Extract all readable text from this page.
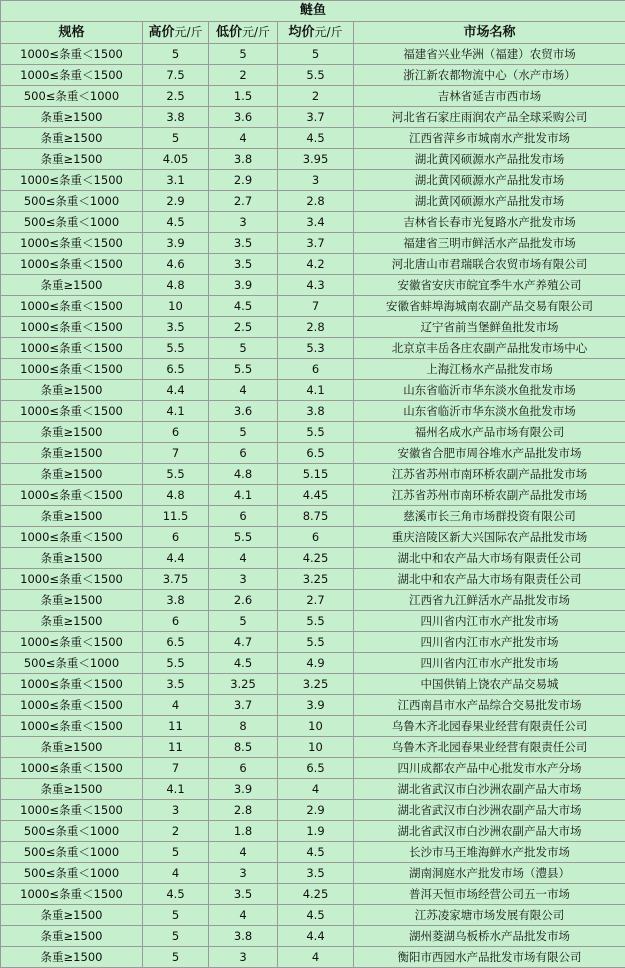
鲢鱼				
规格	高价元/斤	低价元/斤	均价元/斤	市场名称
1000≤条重＜1500	5	5	5	福建省兴业华洲（福建）农贸市场
1000≤条重＜1500	7.5	2	5.5	浙江新农都物流中心（水产市场）
500≤条重＜1000	2.5	1.5	2	吉林省延吉市西市场
条重≥1500	3.8	3.6	3.7	河北省石家庄雨润农产品全球采购公司
条重≥1500	5	4	4.5	江西省萍乡市城南水产批发市场
条重≥1500	4.05	3.8	3.95	湖北黄冈硕源水产品批发市场
1000≤条重＜1500	3.1	2.9	3	湖北黄冈硕源水产品批发市场
500≤条重＜1000	2.9	2.7	2.8	湖北黄冈硕源水产品批发市场
500≤条重＜1000	4.5	3	3.4	吉林省长春市光复路水产批发市场
1000≤条重＜1500	3.9	3.5	3.7	福建省三明市鲜活水产品批发市场
1000≤条重＜1500	4.6	3.5	4.2	河北唐山市君瑞联合农贸市场有限公司
条重≥1500	4.8	3.9	4.3	安徽省安庆市皖宜季牛水产养殖公司
1000≤条重＜1500	10	4.5	7	安徽省蚌埠海城南农副产品交易有限公司
1000≤条重＜1500	3.5	2.5	2.8	辽宁省前当堡鲜鱼批发市场
1000≤条重＜1500	5.5	5	5.3	北京京丰岳各庄农副产品批发市场中心
1000≤条重＜1500	6.5	5.5	6	上海江杨水产品批发市场
条重≥1500	4.4	4	4.1	山东省临沂市华东淡水鱼批发市场
1000≤条重＜1500	4.1	3.6	3.8	山东省临沂市华东淡水鱼批发市场
条重≥1500	6	5	5.5	福州名成水产品市场有限公司
条重≥1500	7	6	6.5	安徽省合肥市周谷堆水产品批发市场
条重≥1500	5.5	4.8	5.15	江苏省苏州市南环桥农副产品批发市场
1000≤条重＜1500	4.8	4.1	4.45	江苏省苏州市南环桥农副产品批发市场
条重≥1500	11.5	6	8.75	慈溪市长三角市场群投资有限公司
1000≤条重＜1500	6	5.5	6	重庆涪陵区新大兴国际农产品批发市场
条重≥1500	4.4	4	4.25	湖北中和农产品大市场有限责任公司
1000≤条重＜1500	3.75	3	3.25	湖北中和农产品大市场有限责任公司
条重≥1500	3.8	2.6	2.7	江西省九江鲜活水产品批发市场
条重≥1500	6	5	5.5	四川省内江市水产批发市场
1000≤条重＜1500	6.5	4.7	5.5	四川省内江市水产批发市场
500≤条重＜1000	5.5	4.5	4.9	四川省内江市水产批发市场
1000≤条重＜1500	3.5	3.25	3.25	中国供销上饶农产品交易城
1000≤条重＜1500	4	3.7	3.9	江西南昌市水产品综合交易批发市场
1000≤条重＜1500	11	8	10	乌鲁木齐北园春果业经营有限责任公司
条重≥1500	11	8.5	10	乌鲁木齐北园春果业经营有限责任公司
1000≤条重＜1500	7	6	6.5	四川成都农产品中心批发市水产分场
条重≥1500	4.1	3.9	4	湖北省武汉市白沙洲农副产品大市场
1000≤条重＜1500	3	2.8	2.9	湖北省武汉市白沙洲农副产品大市场
500≤条重＜1000	2	1.8	1.9	湖北省武汉市白沙洲农副产品大市场
500≤条重＜1000	5	4	4.5	长沙市马王堆海鲜水产批发市场
500≤条重＜1000	4	3	3.5	湖南洞庭水产批发市场（澧县）
1000≤条重＜1500	4.5	3.5	4.25	普洱天恒市场经营公司五一市场
条重≥1500	5	4	4.5	江苏凌家塘市场发展有限公司
条重≥1500	5	3.8	4.4	湖州菱湖乌板桥水产品批发市场
条重≥1500	5	3	4	衡阳市西园水产品批发市场有限公司
